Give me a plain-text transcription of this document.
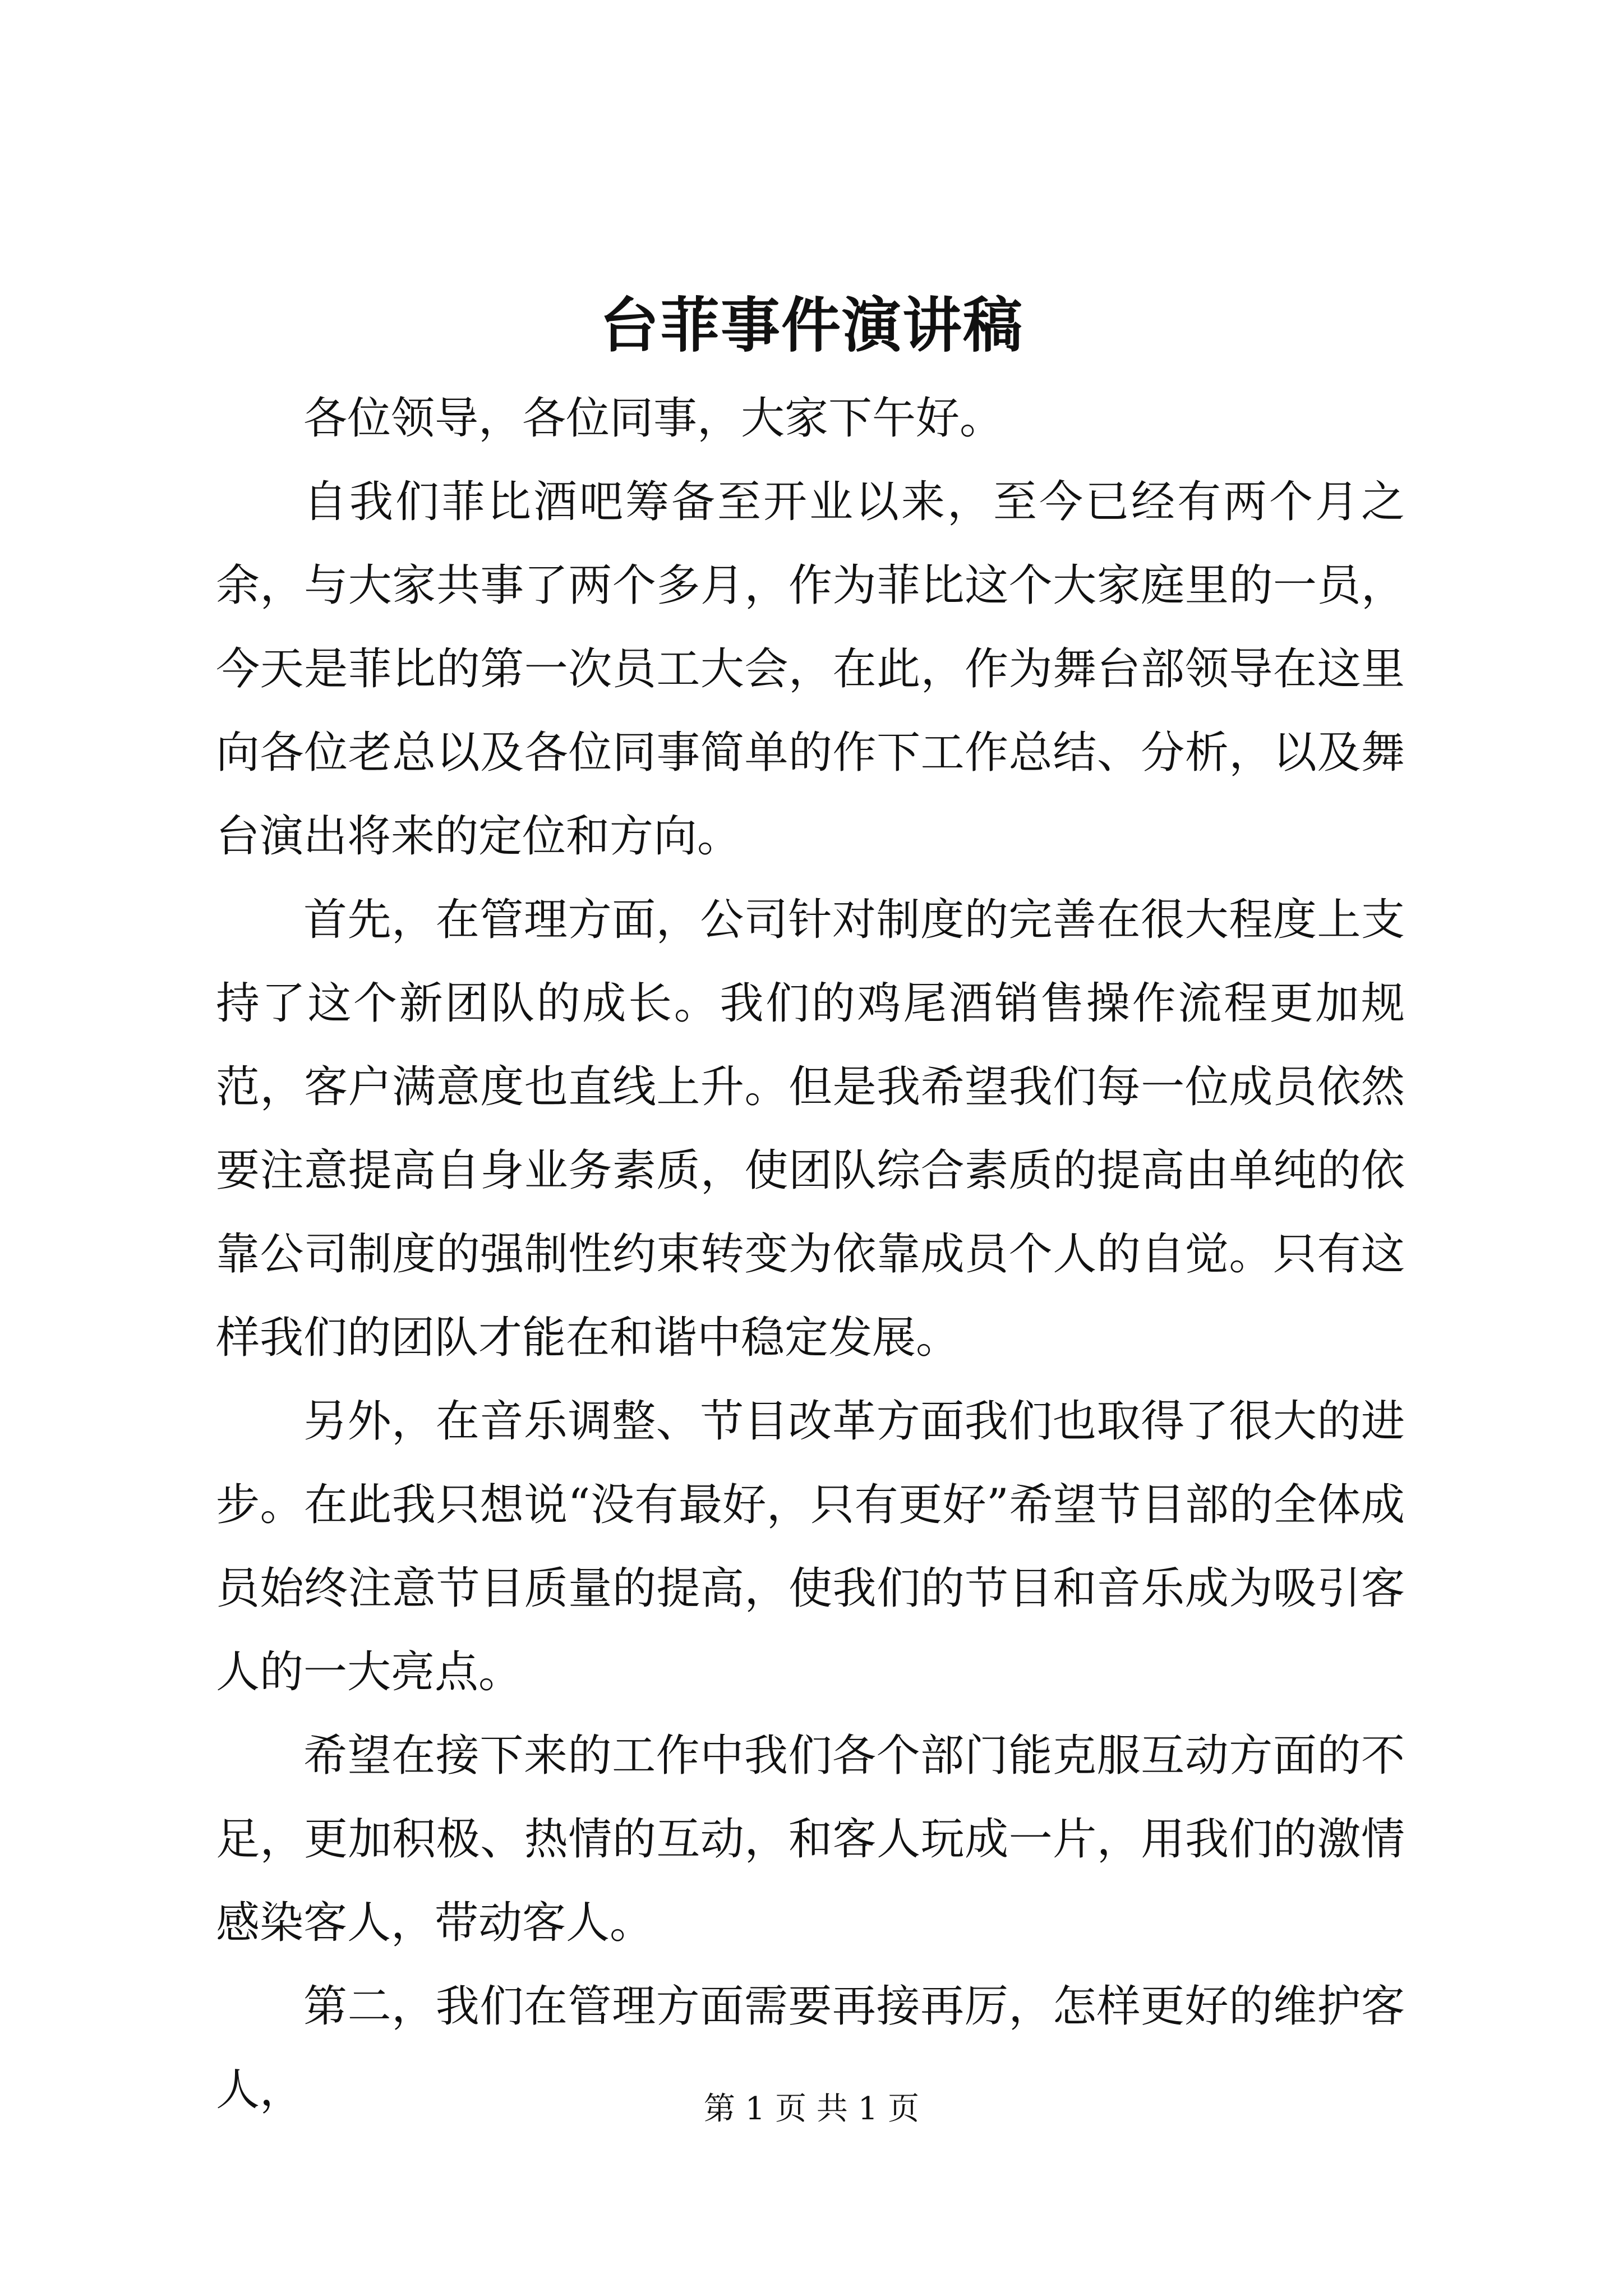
台菲事件演讲稿

各位领导，各位同事，大家下午好。

自我们菲比酒吧筹备至开业以来，至今已经有两个月之余，与大家共事了两个多月，作为菲比这个大家庭里的一员，今天是菲比的第一次员工大会，在此，作为舞台部领导在这里向各位老总以及各位同事简单的作下工作总结、分析，以及舞台演出将来的定位和方向。

首先，在管理方面，公司针对制度的完善在很大程度上支持了这个新团队的成长。我们的鸡尾酒销售操作流程更加规范，客户满意度也直线上升。但是我希望我们每一位成员依然要注意提高自身业务素质，使团队综合素质的提高由单纯的依靠公司制度的强制性约束转变为依靠成员个人的自觉。只有这样我们的团队才能在和谐中稳定发展。

另外，在音乐调整、节目改革方面我们也取得了很大的进步。在此我只想说“没有最好，只有更好”希望节目部的全体成员始终注意节目质量的提高，使我们的节目和音乐成为吸引客人的一大亮点。

希望在接下来的工作中我们各个部门能克服互动方面的不足，更加积极、热情的互动，和客人玩成一片，用我们的激情感染客人，带动客人。

第二，我们在管理方面需要再接再厉，怎样更好的维护客人，	第 1 页 共 1 页
